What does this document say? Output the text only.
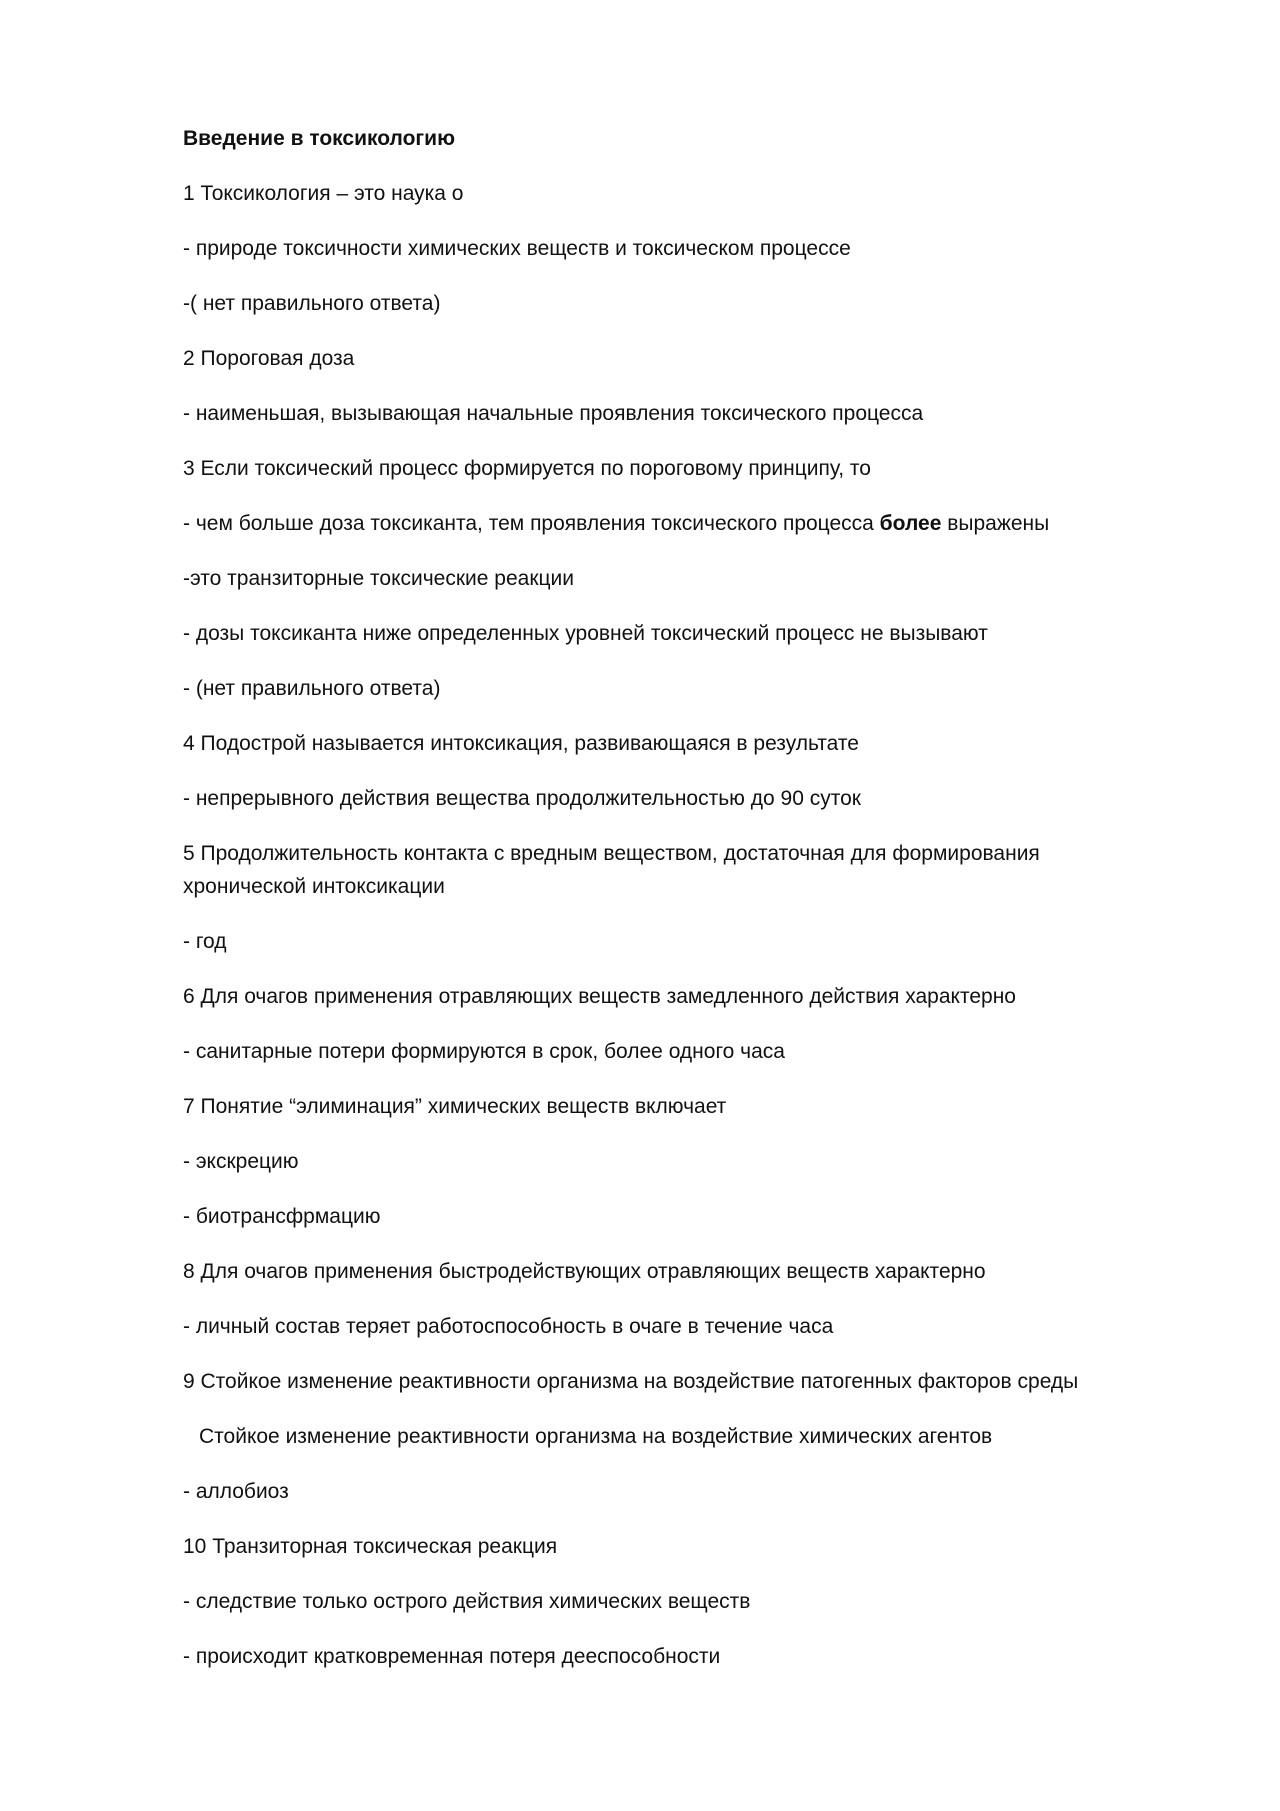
Введение в токсикологию
1 Токсикология – это наука о
- природе токсичности химических веществ и токсическом процессе
-( нет правильного ответа)
2 Пороговая доза
- наименьшая, вызывающая начальные проявления токсического процесса
3 Если токсический процесс формируется по пороговому принципу, то
- чем больше доза токсиканта, тем проявления токсического процесса более выражены
-это транзиторные токсические реакции
- дозы токсиканта ниже определенных уровней токсический процесс не вызывают
- (нет правильного ответа)
4 Подострой называется интоксикация, развивающаяся в результате
- непрерывного действия вещества продолжительностью до 90 суток
5 Продолжительность контакта с вредным веществом, достаточная для формирования хронической интоксикации
- год
6 Для очагов применения отравляющих веществ замедленного действия характерно
- санитарные потери формируются в срок, более одного часа
7 Понятие “элиминация” химических веществ включает
- экскрецию
- биотрансфрмацию
8 Для очагов применения быстродействующих отравляющих веществ характерно
- личный состав теряет работоспособность в очаге в течение часа
9 Стойкое изменение реактивности организма на воздействие патогенных факторов среды
Стойкое изменение реактивности организма на воздействие химических агентов
- аллобиоз
10 Транзиторная токсическая реакция
- следствие только острого действия химических веществ
- происходит кратковременная потеря дееспособности
